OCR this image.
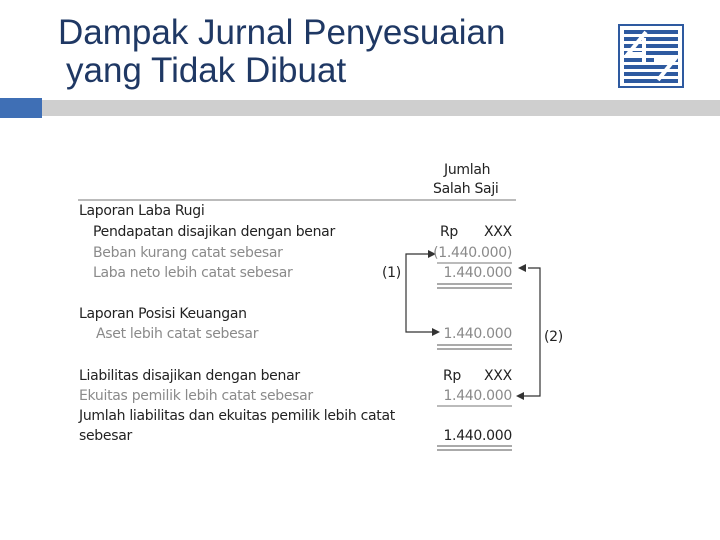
Dampak Jurnal Penyesuaian
yang Tidak Dibuat
Jumlah
Salah Saji
Laporan Laba Rugi
Pendapatan disajikan dengan benar	Rp XXX
Beban kurang catat sebesar	(1.440.000)
Laba neto lebih catat sebesar	(1)	1.440.000
Laporan Posisi Keuangan
Aset lebih catat sebesar	1.440.000 (2)
Liabilitas disajikan dengan benar	Rp XXX
Ekuitas pemilik lebih catat sebesar	1.440.000
Jumlah liabilitas dan ekuitas pemilik lebih catat
sebesar	1.440.000
